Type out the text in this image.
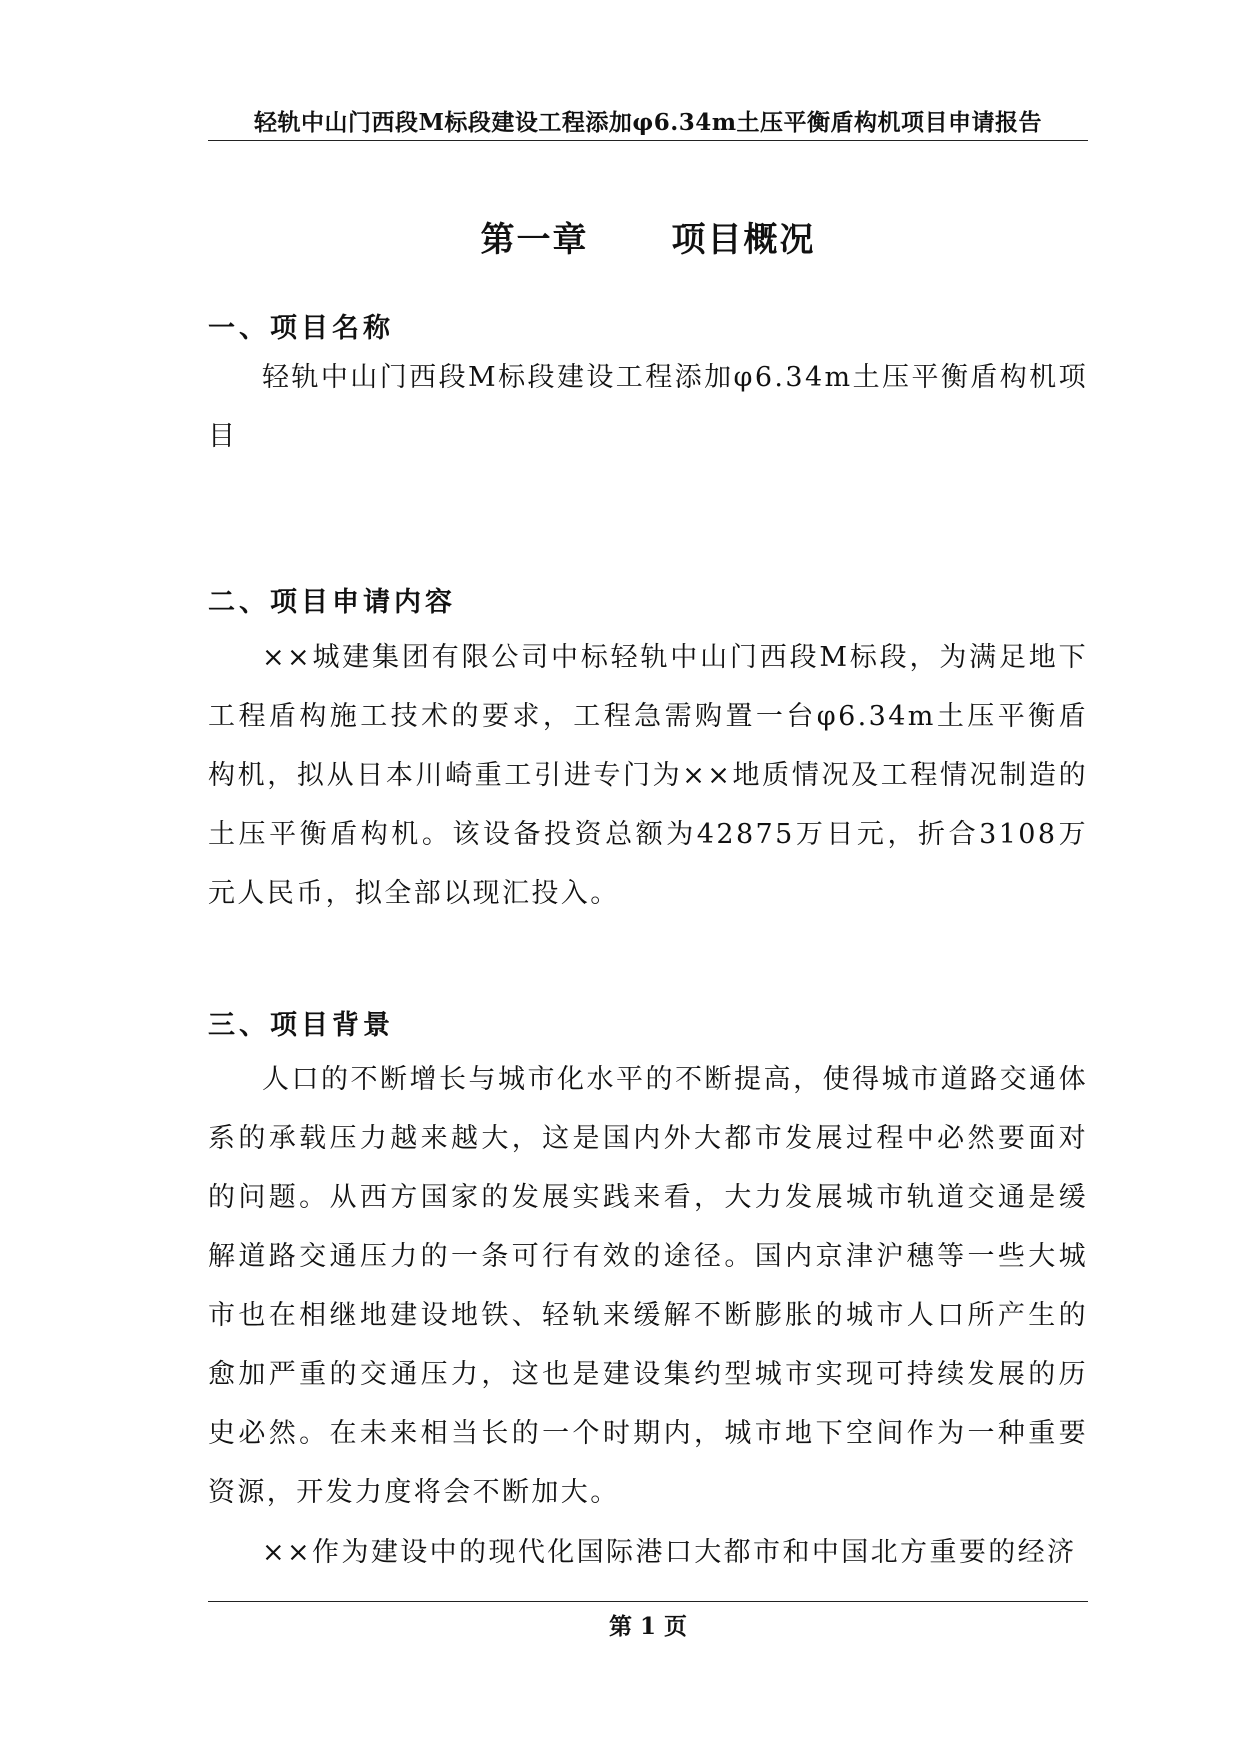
轻轨中山门西段M标段建设工程添加φ6.34m土压平衡盾构机项目申请报告
第一章      项目概况
一、项目名称
轻轨中山门西段M标段建设工程添加φ6.34m土压平衡盾构机项目
二、项目申请内容
××城建集团有限公司中标轻轨中山门西段M标段，为满足地下工程盾构施工技术的要求，工程急需购置一台φ6.34m土压平衡盾构机，拟从日本川崎重工引进专门为××地质情况及工程情况制造的土压平衡盾构机。该设备投资总额为42875万日元，折合3108万元人民币，拟全部以现汇投入。
三、项目背景
人口的不断增长与城市化水平的不断提高，使得城市道路交通体系的承载压力越来越大，这是国内外大都市发展过程中必然要面对的问题。从西方国家的发展实践来看，大力发展城市轨道交通是缓解道路交通压力的一条可行有效的途径。国内京津沪穗等一些大城市也在相继地建设地铁、轻轨来缓解不断膨胀的城市人口所产生的愈加严重的交通压力，这也是建设集约型城市实现可持续发展的历史必然。在未来相当长的一个时期内，城市地下空间作为一种重要资源，开发力度将会不断加大。
××作为建设中的现代化国际港口大都市和中国北方重要的经济
第 1 页
